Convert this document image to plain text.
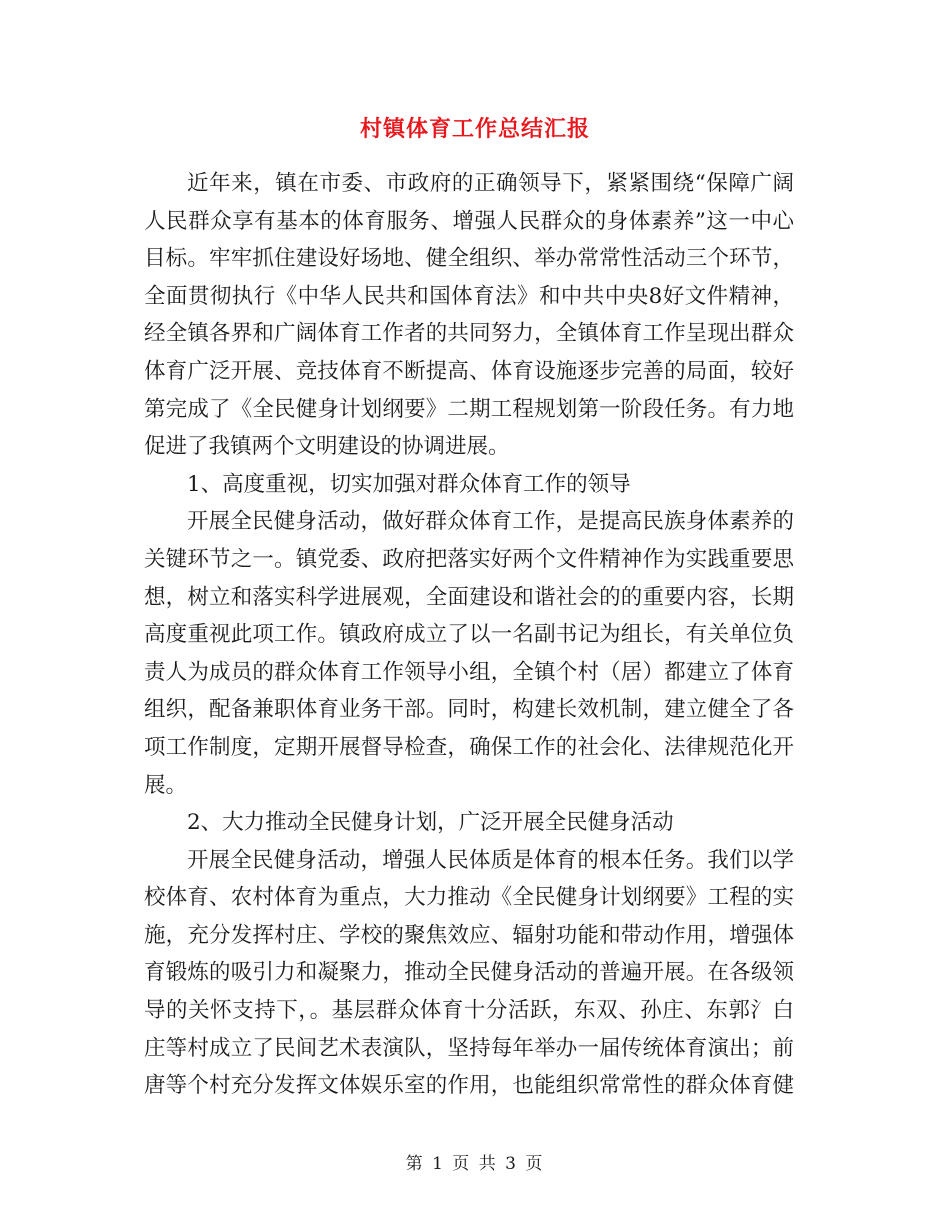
村镇体育工作总结汇报
近年来，镇在市委、市政府的正确领导下，紧紧围绕“保障广阔
人民群众享有基本的体育服务、增强人民群众的身体素养”这一中心
目标。牢牢抓住建设好场地、健全组织、举办常常性活动三个环节，
全面贯彻执行《中华人民共和国体育法》和中共中央8好文件精神，
经全镇各界和广阔体育工作者的共同努力，全镇体育工作呈现出群众
体育广泛开展、竞技体育不断提高、体育设施逐步完善的局面，较好
第完成了《全民健身计划纲要》二期工程规划第一阶段任务。有力地
促进了我镇两个文明建设的协调进展。
1、高度重视，切实加强对群众体育工作的领导
开展全民健身活动，做好群众体育工作，是提高民族身体素养的
关键环节之一。镇党委、政府把落实好两个文件精神作为实践重要思
想，树立和落实科学进展观，全面建设和谐社会的的重要内容，长期
高度重视此项工作。镇政府成立了以一名副书记为组长，有关单位负
责人为成员的群众体育工作领导小组，全镇个村（居）都建立了体育
组织，配备兼职体育业务干部。同时，构建长效机制，建立健全了各
项工作制度，定期开展督导检查，确保工作的社会化、法律规范化开
展。
2、大力推动全民健身计划，广泛开展全民健身活动
开展全民健身活动，增强人民体质是体育的根本任务。我们以学
校体育、农村体育为重点，大力推动《全民健身计划纲要》工程的实
施，充分发挥村庄、学校的聚焦效应、辐射功能和带动作用，增强体
育锻炼的吸引力和凝聚力，推动全民健身活动的普遍开展。在各级领
导的关怀支持下，。基层群众体育十分活跃，东双、孙庄、东郭氵白
庄等村成立了民间艺术表演队，坚持每年举办一届传统体育演出；前
唐等个村充分发挥文体娱乐室的作用，也能组织常常性的群众体育健
第 1 页 共 3 页
